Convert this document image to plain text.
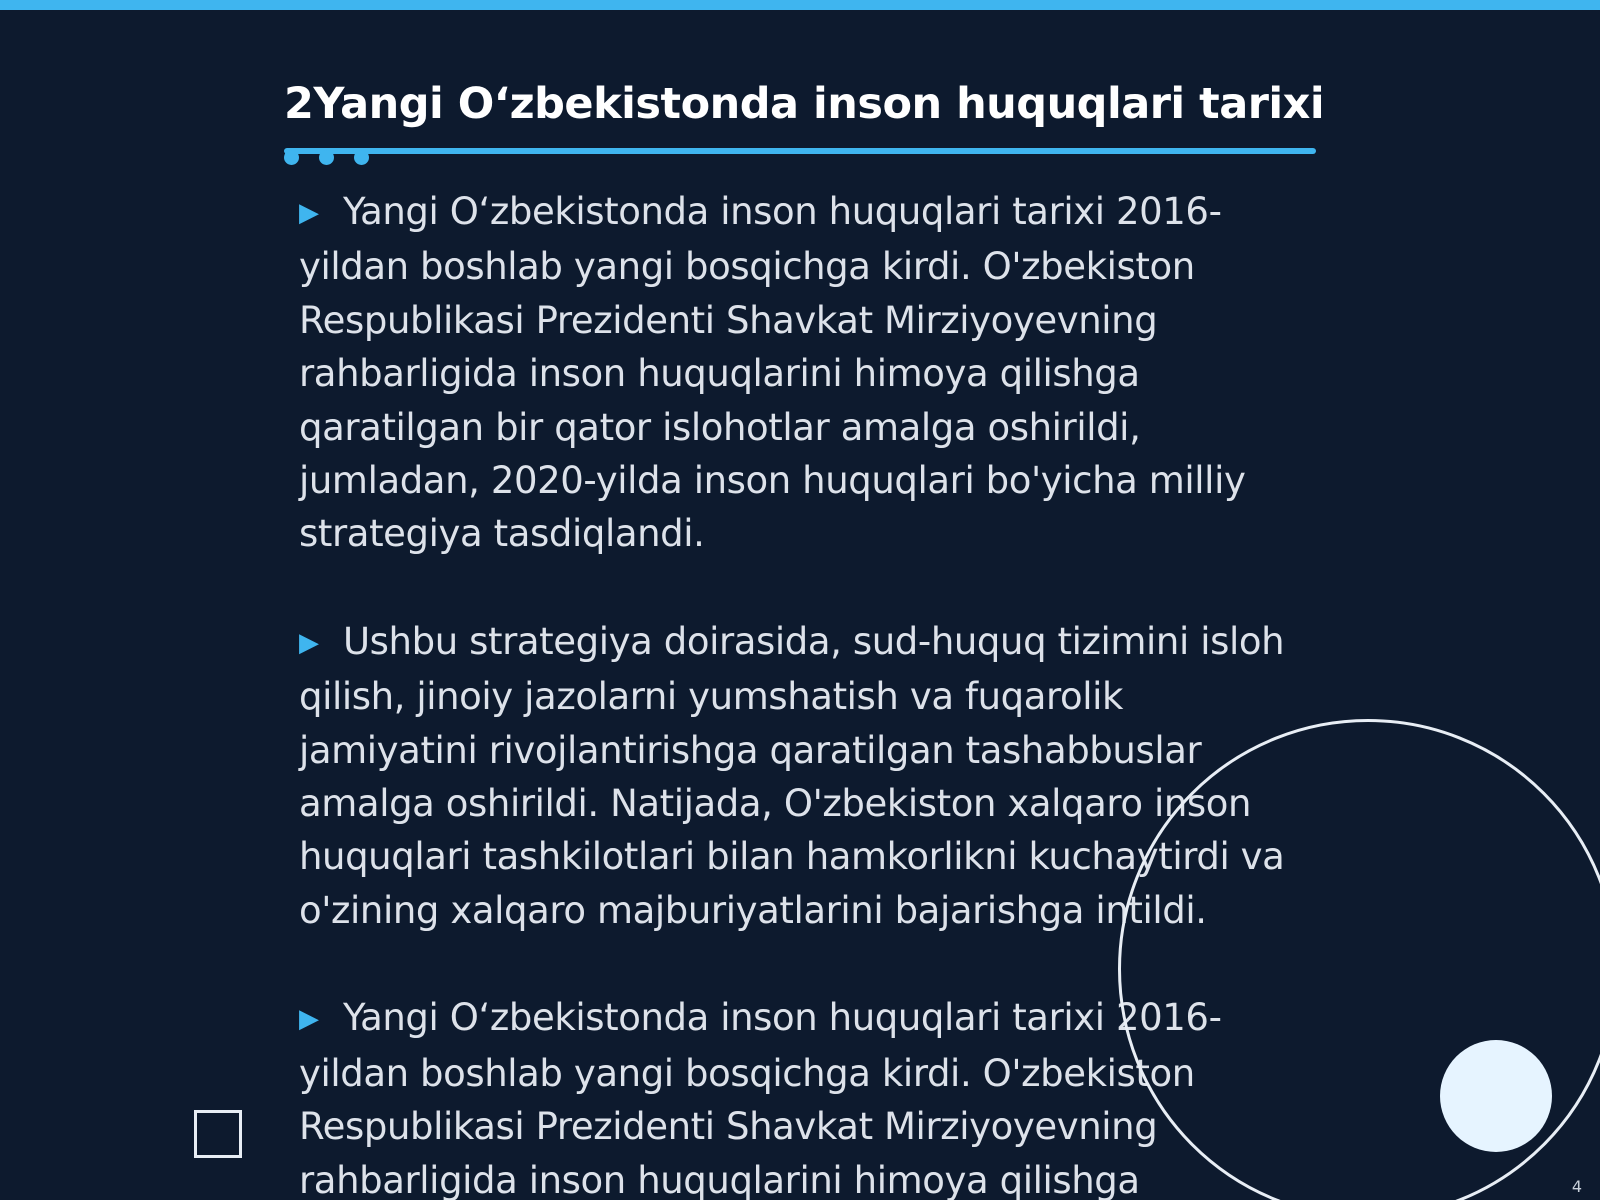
2Yangi O‘zbekistonda inson huquqlari tarixi

▶ Yangi O‘zbekistonda inson huquqlari tarixi 2016-yildan boshlab yangi bosqichga kirdi. O'zbekiston Respublikasi Prezidenti Shavkat Mirziyoyevning rahbarligida inson huquqlarini himoya qilishga qaratilgan bir qator islohotlar amalga oshirildi, jumladan, 2020-yilda inson huquqlari bo'yicha milliy strategiya tasdiqlandi.

▶ Ushbu strategiya doirasida, sud-huquq tizimini isloh qilish, jinoiy jazolarni yumshatish va fuqarolik jamiyatini rivojlantirishga qaratilgan tashabbuslar amalga oshirildi. Natijada, O'zbekiston xalqaro inson huquqlari tashkilotlari bilan hamkorlikni kuchaytirdi va o'zining xalqaro majburiyatlarini bajarishga intildi.

▶ Yangi O‘zbekistonda inson huquqlari tarixi 2016-yildan boshlab yangi bosqichga kirdi. O'zbekiston Respublikasi Prezidenti Shavkat Mirziyoyevning rahbarligida inson huquqlarini himoya qilishga	4
